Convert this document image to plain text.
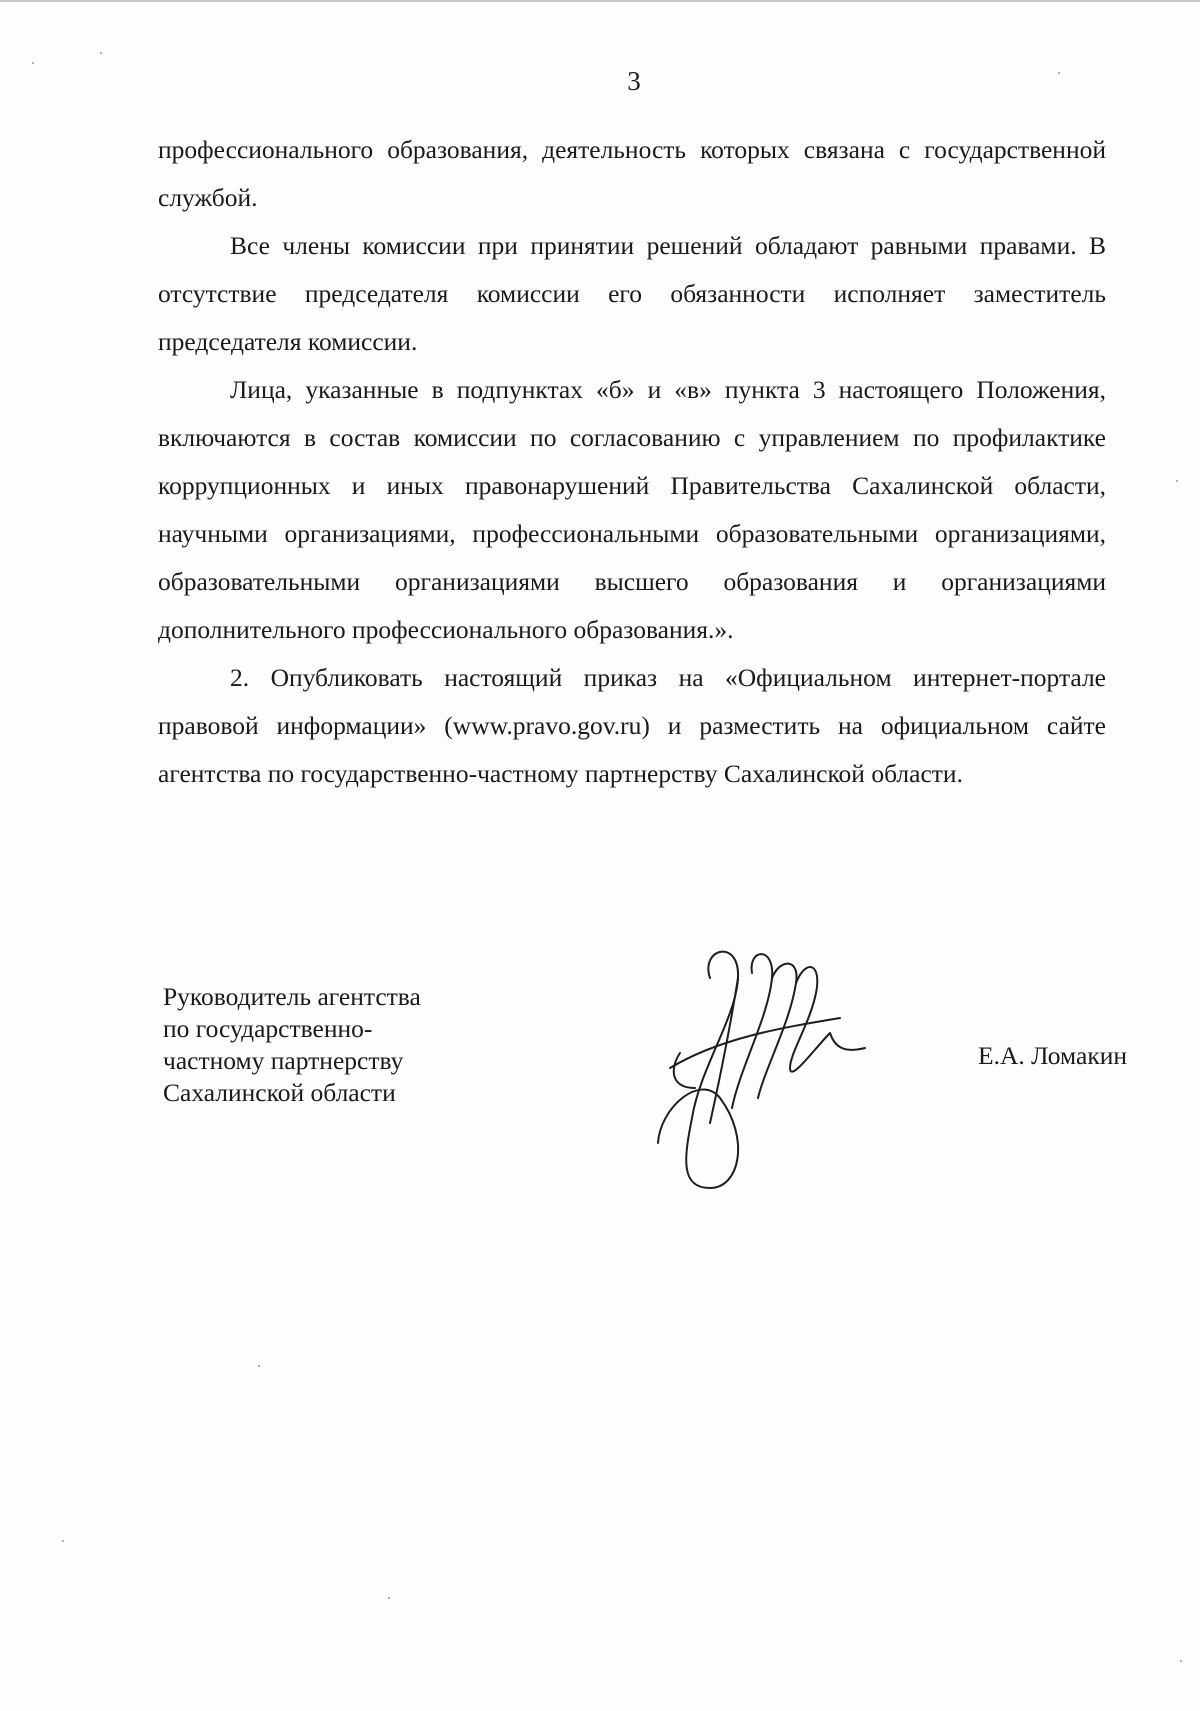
3

профессионального образования, деятельность которых связана с государственной службой.

Все члены комиссии при принятии решений обладают равными правами. В отсутствие председателя комиссии его обязанности исполняет заместитель председателя комиссии.

Лица, указанные в подпунктах «б» и «в» пункта 3 настоящего Положения, включаются в состав комиссии по согласованию с управлением по профилактике коррупционных и иных правонарушений Правительства Сахалинской области, научными организациями, профессиональными образовательными организациями, образовательными организациями высшего образования и организациями дополнительного профессионального образования.».

2. Опубликовать настоящий приказ на «Официальном интернет-портале правовой информации» (www.pravo.gov.ru) и разместить на официальном сайте агентства по государственно-частному партнерству Сахалинской области.

Руководитель агентства
по государственно-
частному партнерству
Сахалинской области
Е.А. Ломакин
